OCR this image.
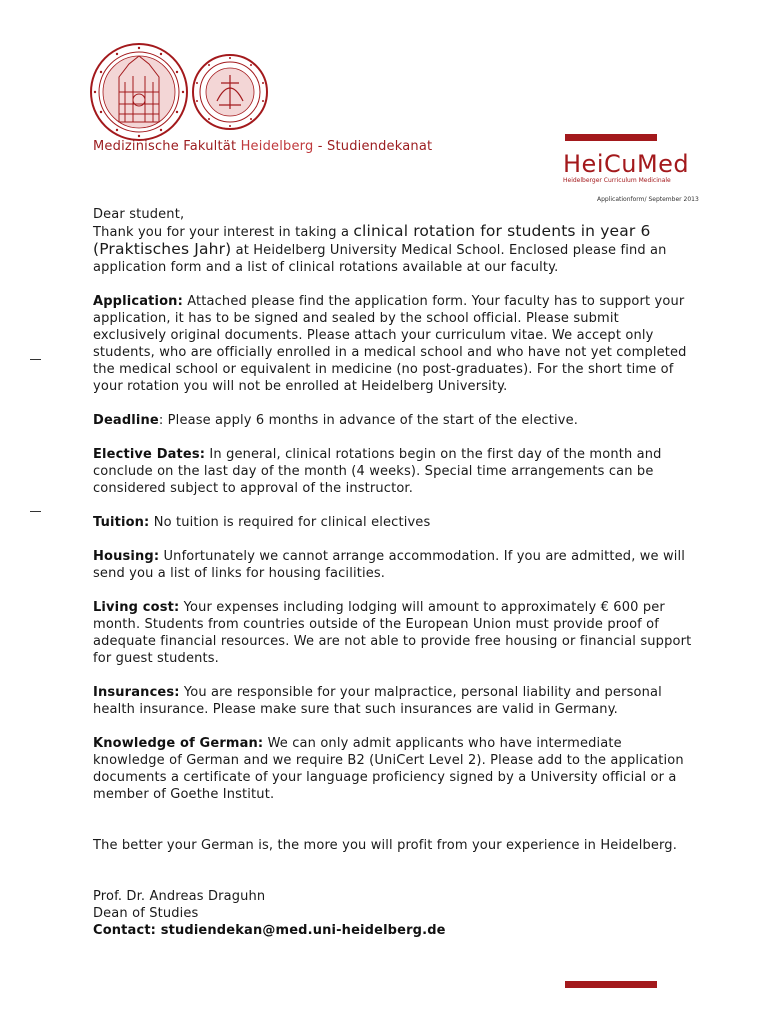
Medizinische Fakultät Heidelberg - Studiendekanat
HeiCuMed
Heidelberger Curriculum Medicinale
Applicationform/ September 2013

Dear student,

Thank you for your interest in taking a clinical rotation for students in year 6 (Praktisches Jahr) at Heidelberg University Medical School. Enclosed please find an application form and a list of clinical rotations available at our faculty.

Application: Attached please find the application form. Your faculty has to support your application, it has to be signed and sealed by the school official. Please submit exclusively original documents. Please attach your curriculum vitae. We accept only students, who are officially enrolled in a medical school and who have not yet completed the medical school or equivalent in medicine (no post-graduates). For the short time of your rotation you will not be enrolled at Heidelberg University.

Deadline: Please apply 6 months in advance of the start of the elective.

Elective Dates: In general, clinical rotations begin on the first day of the month and conclude on the last day of the month (4 weeks). Special time arrangements can be considered subject to approval of the instructor.

Tuition: No tuition is required for clinical electives

Housing: Unfortunately we cannot arrange accommodation. If you are admitted, we will send you a list of links for housing facilities.

Living cost: Your expenses including lodging will amount to approximately € 600 per month. Students from countries outside of the European Union must provide proof of adequate financial resources. We are not able to provide free housing or financial support for guest students.

Insurances: You are responsible for your malpractice, personal liability and personal health insurance. Please make sure that such insurances are valid in Germany.

Knowledge of German: We can only admit applicants who have intermediate knowledge of German and we require B2 (UniCert Level 2). Please add to the application documents a certificate of your language proficiency signed by a University official or a member of Goethe Institut.

The better your German is, the more you will profit from your experience in Heidelberg.

Prof. Dr. Andreas Draguhn

Dean of Studies

Contact: studiendekan@med.uni-heidelberg.de
